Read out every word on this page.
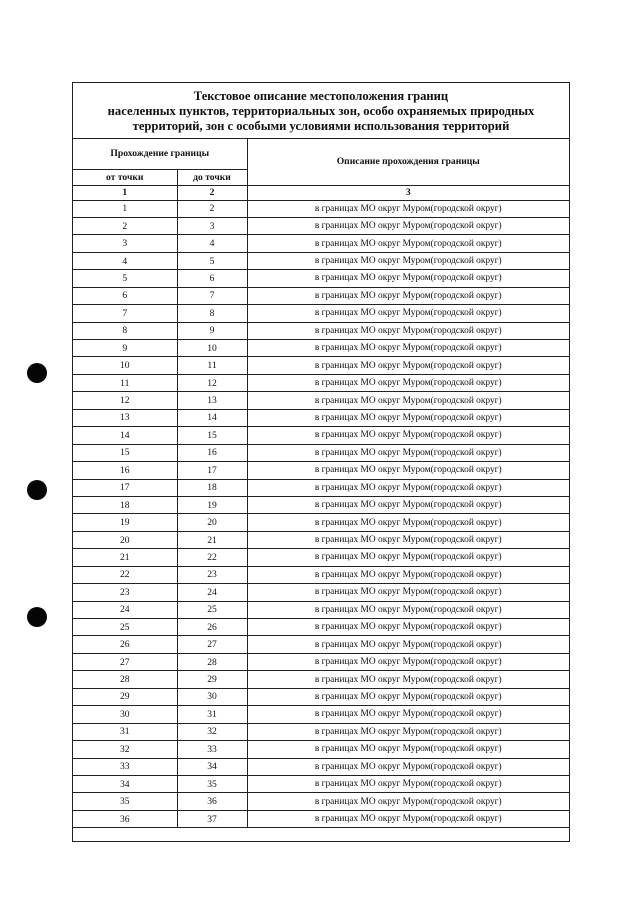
Текстовое описание местоположения границ
населенных пунктов, территориальных зон, особо охраняемых природных
территорий, зон с особыми условиями использования территорий
Прохождение границы		Описание прохождения границы
от точки	до точки	
1	2	3
1	2	в границах МО округ Муром(городской округ)
2	3	в границах МО округ Муром(городской округ)
3	4	в границах МО округ Муром(городской округ)
4	5	в границах МО округ Муром(городской округ)
5	6	в границах МО округ Муром(городской округ)
6	7	в границах МО округ Муром(городской округ)
7	8	в границах МО округ Муром(городской округ)
8	9	в границах МО округ Муром(городской округ)
9	10	в границах МО округ Муром(городской округ)
10	11	в границах МО округ Муром(городской округ)
11	12	в границах МО округ Муром(городской округ)
12	13	в границах МО округ Муром(городской округ)
13	14	в границах МО округ Муром(городской округ)
14	15	в границах МО округ Муром(городской округ)
15	16	в границах МО округ Муром(городской округ)
16	17	в границах МО округ Муром(городской округ)
17	18	в границах МО округ Муром(городской округ)
18	19	в границах МО округ Муром(городской округ)
19	20	в границах МО округ Муром(городской округ)
20	21	в границах МО округ Муром(городской округ)
21	22	в границах МО округ Муром(городской округ)
22	23	в границах МО округ Муром(городской округ)
23	24	в границах МО округ Муром(городской округ)
24	25	в границах МО округ Муром(городской округ)
25	26	в границах МО округ Муром(городской округ)
26	27	в границах МО округ Муром(городской округ)
27	28	в границах МО округ Муром(городской округ)
28	29	в границах МО округ Муром(городской округ)
29	30	в границах МО округ Муром(городской округ)
30	31	в границах МО округ Муром(городской округ)
31	32	в границах МО округ Муром(городской округ)
32	33	в границах МО округ Муром(городской округ)
33	34	в границах МО округ Муром(городской округ)
34	35	в границах МО округ Муром(городской округ)
35	36	в границах МО округ Муром(городской округ)
36	37	в границах МО округ Муром(городской округ)
